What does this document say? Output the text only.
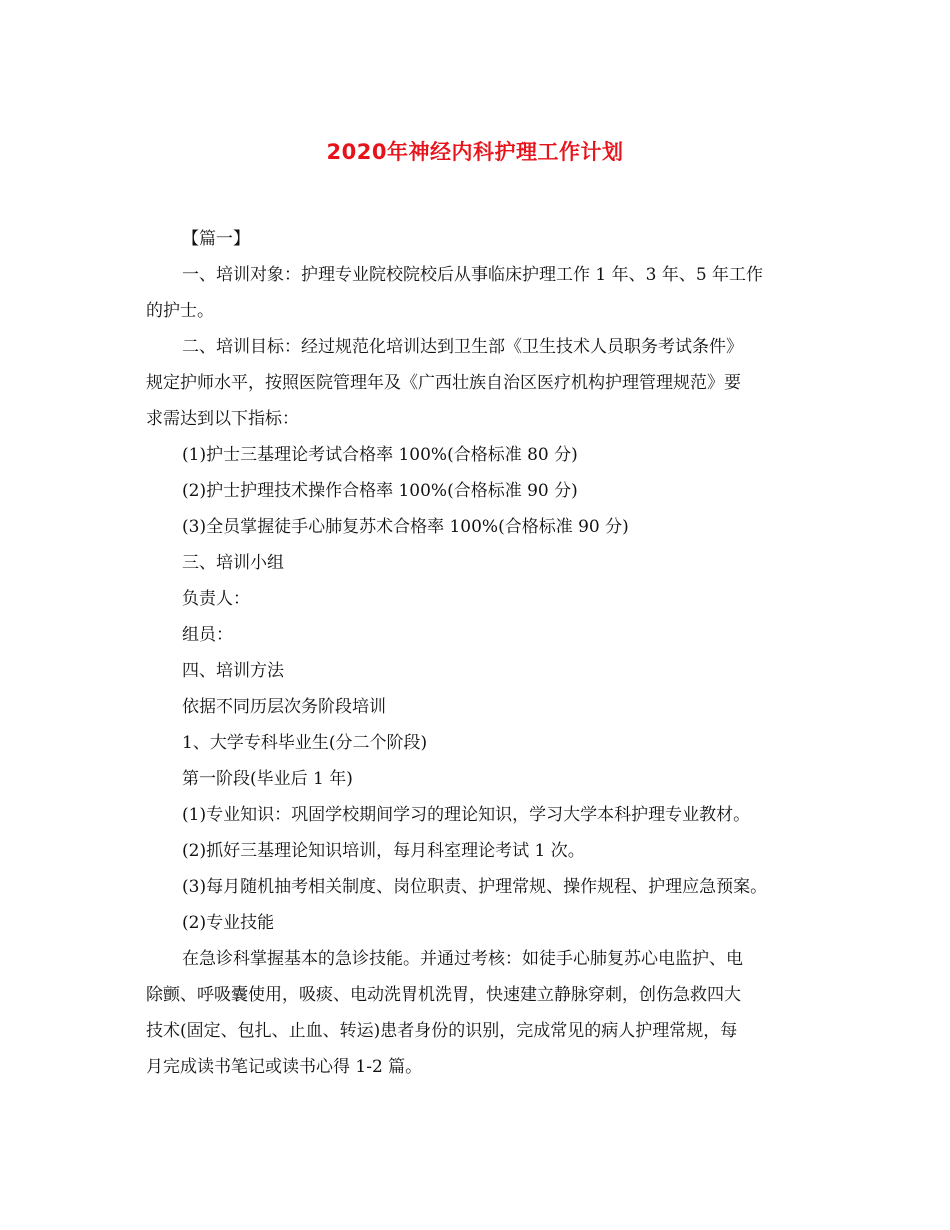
2020年神经内科护理工作计划
【篇一】
一、培训对象：护理专业院校院校后从事临床护理工作 1 年、3 年、5 年工作
的护士。
二、培训目标：经过规范化培训达到卫生部《卫生技术人员职务考试条件》
规定护师水平，按照医院管理年及《广西壮族自治区医疗机构护理管理规范》要
求需达到以下指标：
(1)护士三基理论考试合格率 100%(合格标准 80 分)
(2)护士护理技术操作合格率 100%(合格标准 90 分)
(3)全员掌握徒手心肺复苏术合格率 100%(合格标准 90 分)
三、培训小组
负责人：
组员：
四、培训方法
依据不同历层次务阶段培训
1、大学专科毕业生(分二个阶段)
第一阶段(毕业后 1 年)
(1)专业知识：巩固学校期间学习的理论知识，学习大学本科护理专业教材。
(2)抓好三基理论知识培训，每月科室理论考试 1 次。
(3)每月随机抽考相关制度、岗位职责、护理常规、操作规程、护理应急预案。
(2)专业技能
在急诊科掌握基本的急诊技能。并通过考核：如徒手心肺复苏心电监护、电
除颤、呼吸囊使用，吸痰、电动洗胃机洗胃，快速建立静脉穿刺，创伤急救四大
技术(固定、包扎、止血、转运)患者身份的识别，完成常见的病人护理常规，每
月完成读书笔记或读书心得 1-2 篇。
